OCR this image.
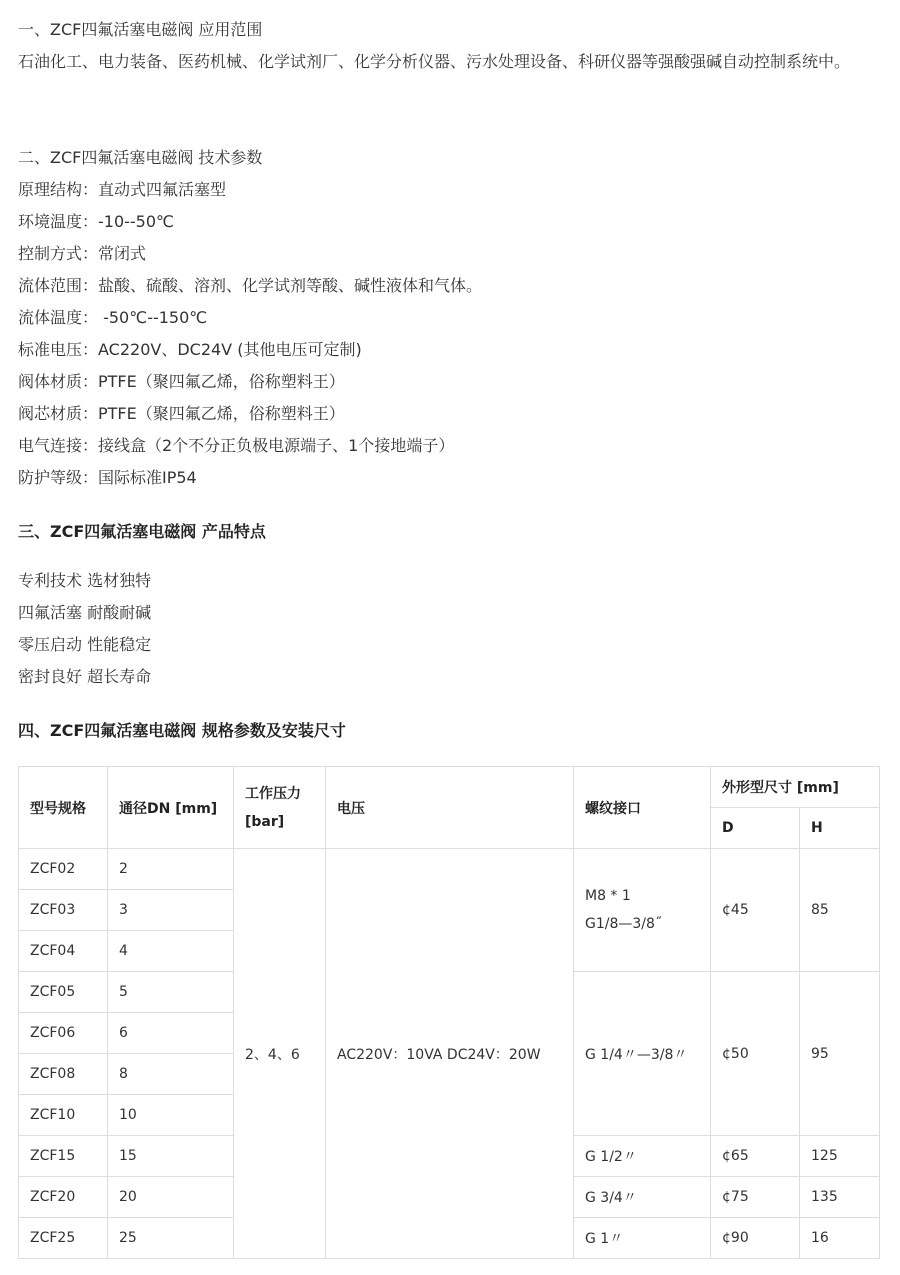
一、ZCF四氟活塞电磁阀 应用范围
石油化工、电力装备、医药机械、化学试剂厂、化学分析仪器、污水处理设备、科研仪器等强酸强碱自动控制系统中。
二、ZCF四氟活塞电磁阀 技术参数
原理结构：直动式四氟活塞型
环境温度：-10--50℃
控制方式：常闭式
流体范围：盐酸、硫酸、溶剂、化学试剂等酸、碱性液体和气体。
流体温度： -50℃--150℃
标准电压：AC220V、DC24V (其他电压可定制)
阀体材质：PTFE（聚四氟乙烯，俗称塑料王）
阀芯材质：PTFE（聚四氟乙烯，俗称塑料王）
电气连接：接线盒（2个不分正负极电源端子、1个接地端子）
防护等级：国际标准IP54
三、ZCF四氟活塞电磁阀 产品特点
专利技术 选材独特
四氟活塞 耐酸耐碱
零压启动 性能稳定
密封良好 超长寿命
四、ZCF四氟活塞电磁阀 规格参数及安装尺寸
型号规格	通径DN [mm]	工作压力
[bar]	电压	螺纹接口	外形型尺寸 [mm]	
					D	H
ZCF02	2	2、4、6	AC220V：10VA DC24V：20W	M8 * 1
G1/8—3/8˝	¢45	85
ZCF03	3					
ZCF04	4					
ZCF05	5			G 1/4〃—3/8〃	¢50	95
ZCF06	6					
ZCF08	8					
ZCF10	10					
ZCF15	15			G 1/2〃	¢65	125
ZCF20	20			G 3/4〃	¢75	135
ZCF25	25			G 1〃	¢90	16
